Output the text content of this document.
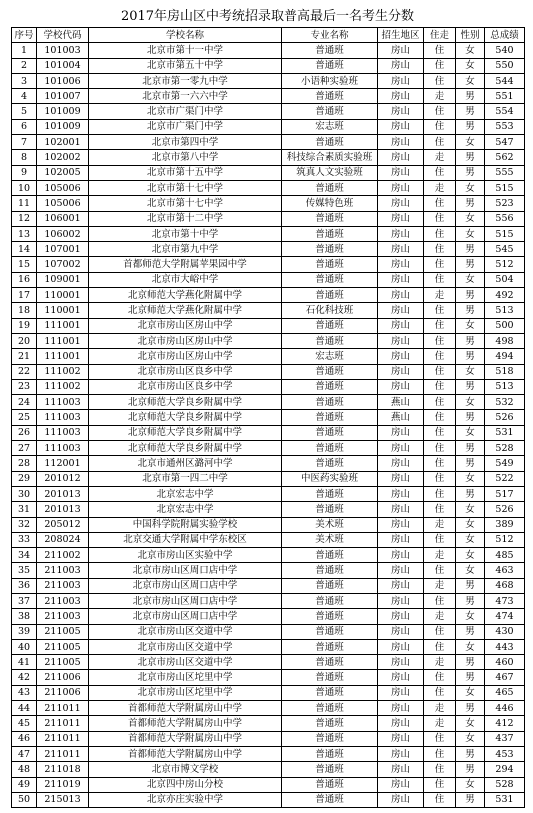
2017年房山区中考统招录取普高最后一名考生分数
序号	学校代码	学校名称	专业名称	招生地区	住走	性别	总成绩
1	101003	北京市第十一中学	普通班	房山	住	女	540
2	101004	北京市第五十中学	普通班	房山	住	女	550
3	101006	北京市第一零九中学	小语种实验班	房山	住	女	544
4	101007	北京市第一六六中学	普通班	房山	走	男	551
5	101009	北京市广渠门中学	普通班	房山	住	男	554
6	101009	北京市广渠门中学	宏志班	房山	住	男	553
7	102001	北京市第四中学	普通班	房山	住	女	547
8	102002	北京市第八中学	科技综合素质实验班	房山	走	男	562
9	102005	北京市第十五中学	筑真人文实验班	房山	住	男	555
10	105006	北京市第十七中学	普通班	房山	走	女	515
11	105006	北京市第十七中学	传媒特色班	房山	住	男	523
12	106001	北京市第十二中学	普通班	房山	住	女	556
13	106002	北京市第十中学	普通班	房山	住	女	515
14	107001	北京市第九中学	普通班	房山	住	男	545
15	107002	首都师范大学附属苹果园中学	普通班	房山	住	男	512
16	109001	北京市大峪中学	普通班	房山	住	女	504
17	110001	北京师范大学燕化附属中学	普通班	房山	走	男	492
18	110001	北京师范大学燕化附属中学	石化科技班	房山	住	男	513
19	111001	北京市房山区房山中学	普通班	房山	住	女	500
20	111001	北京市房山区房山中学	普通班	房山	住	男	498
21	111001	北京市房山区房山中学	宏志班	房山	住	男	494
22	111002	北京市房山区良乡中学	普通班	房山	住	女	518
23	111002	北京市房山区良乡中学	普通班	房山	住	男	513
24	111003	北京师范大学良乡附属中学	普通班	燕山	住	女	532
25	111003	北京师范大学良乡附属中学	普通班	燕山	住	男	526
26	111003	北京师范大学良乡附属中学	普通班	房山	住	女	531
27	111003	北京师范大学良乡附属中学	普通班	房山	住	男	528
28	112001	北京市通州区潞河中学	普通班	房山	住	男	549
29	201012	北京市第一四二中学	中医药实验班	房山	住	女	522
30	201013	北京宏志中学	普通班	房山	住	男	517
31	201013	北京宏志中学	普通班	房山	住	女	526
32	205012	中国科学院附属实验学校	美术班	房山	走	女	389
33	208024	北京交通大学附属中学东校区	美术班	房山	住	女	512
34	211002	北京市房山区实验中学	普通班	房山	走	女	485
35	211003	北京市房山区周口店中学	普通班	房山	住	女	463
36	211003	北京市房山区周口店中学	普通班	房山	走	男	468
37	211003	北京市房山区周口店中学	普通班	房山	住	男	473
38	211003	北京市房山区周口店中学	普通班	房山	走	女	474
39	211005	北京市房山区交道中学	普通班	房山	住	男	430
40	211005	北京市房山区交道中学	普通班	房山	住	女	443
41	211005	北京市房山区交道中学	普通班	房山	走	男	460
42	211006	北京市房山区坨里中学	普通班	房山	住	男	467
43	211006	北京市房山区坨里中学	普通班	房山	住	女	465
44	211011	首都师范大学附属房山中学	普通班	房山	走	男	446
45	211011	首都师范大学附属房山中学	普通班	房山	走	女	412
46	211011	首都师范大学附属房山中学	普通班	房山	住	女	437
47	211011	首都师范大学附属房山中学	普通班	房山	住	男	453
48	211018	北京市博文学校	普通班	房山	住	男	294
49	211019	北京四中房山分校	普通班	房山	住	女	528
50	215013	北京亦庄实验中学	普通班	房山	住	男	531
